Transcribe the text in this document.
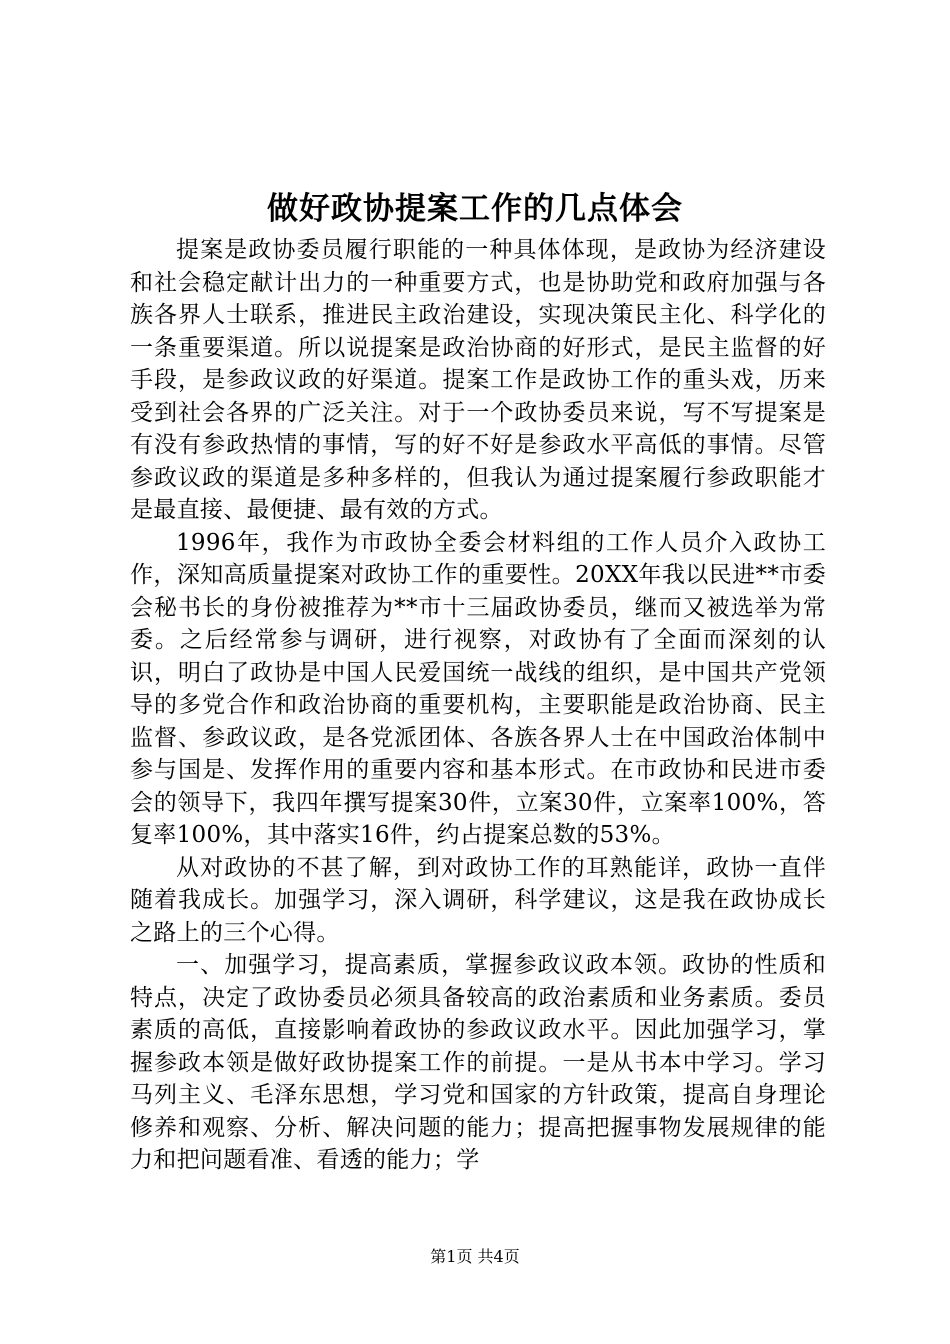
做好政协提案工作的几点体会

提案是政协委员履行职能的一种具体体现，是政协为经济建设和社会稳定献计出力的一种重要方式，也是协助党和政府加强与各族各界人士联系，推进民主政治建设，实现决策民主化、科学化的一条重要渠道。所以说提案是政治协商的好形式，是民主监督的好手段，是参政议政的好渠道。提案工作是政协工作的重头戏，历来受到社会各界的广泛关注。对于一个政协委员来说，写不写提案是有没有参政热情的事情，写的好不好是参政水平高低的事情。尽管参政议政的渠道是多种多样的，但我认为通过提案履行参政职能才是最直接、最便捷、最有效的方式。

1996年，我作为市政协全委会材料组的工作人员介入政协工作，深知高质量提案对政协工作的重要性。20XX年我以民进**市委会秘书长的身份被推荐为**市十三届政协委员，继而又被选举为常委。之后经常参与调研，进行视察，对政协有了全面而深刻的认识，明白了政协是中国人民爱国统一战线的组织，是中国共产党领导的多党合作和政治协商的重要机构，主要职能是政治协商、民主监督、参政议政，是各党派团体、各族各界人士在中国政治体制中参与国是、发挥作用的重要内容和基本形式。在市政协和民进市委会的领导下，我四年撰写提案30件，立案30件，立案率100%，答复率100%，其中落实16件，约占提案总数的53%。

从对政协的不甚了解，到对政协工作的耳熟能详，政协一直伴随着我成长。加强学习，深入调研，科学建议，这是我在政协成长之路上的三个心得。

一、加强学习，提高素质，掌握参政议政本领。政协的性质和特点，决定了政协委员必须具备较高的政治素质和业务素质。委员素质的高低，直接影响着政协的参政议政水平。因此加强学习，掌握参政本领是做好政协提案工作的前提。一是从书本中学习。学习马列主义、毛泽东思想，学习党和国家的方针政策，提高自身理论修养和观察、分析、解决问题的能力；提高把握事物发展规律的能力和把问题看准、看透的能力；学

第1页 共4页
